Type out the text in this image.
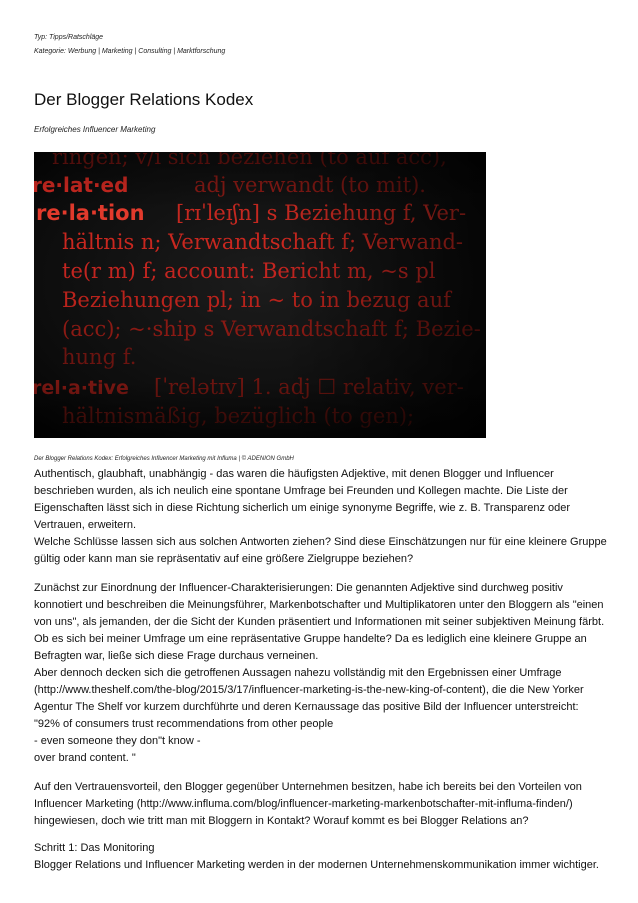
Typ: Tipps/Ratschläge
Kategorie: Werbung | Marketing | Consulting | Marktforschung
Der Blogger Relations Kodex
Erfolgreiches Influencer Marketing
Der Blogger Relations Kodex: Erfolgreiches Influencer Marketing mit Influma | © ADENION GmbH

Authentisch, glaubhaft, unabhängig - das waren die häufigsten Adjektive, mit denen Blogger und Influencer beschrieben wurden, als ich neulich eine spontane Umfrage bei Freunden und Kollegen machte. Die Liste der Eigenschaften lässt sich in diese Richtung sicherlich um einige synonyme Begriffe, wie z. B. Transparenz oder Vertrauen, erweitern.

Welche Schlüsse lassen sich aus solchen Antworten ziehen? Sind diese Einschätzungen nur für eine kleinere Gruppe gültig oder kann man sie repräsentativ auf eine größere Zielgruppe beziehen?

Zunächst zur Einordnung der Influencer-Charakterisierungen: Die genannten Adjektive sind durchweg positiv konnotiert und beschreiben die Meinungsführer, Markenbotschafter und Multiplikatoren unter den Bloggern als "einen von uns", als jemanden, der die Sicht der Kunden präsentiert und Informationen mit seiner subjektiven Meinung färbt.

Ob es sich bei meiner Umfrage um eine repräsentative Gruppe handelte? Da es lediglich eine kleinere Gruppe an Befragten war, ließe sich diese Frage durchaus verneinen.

Aber dennoch decken sich die getroffenen Aussagen nahezu vollständig mit den Ergebnissen einer Umfrage (http://www.theshelf.com/the-blog/2015/3/17/influencer-marketing-is-the-new-king-of-content), die die New Yorker Agentur The Shelf vor kurzem durchführte und deren Kernaussage das positive Bild der Influencer unterstreicht:

"92% of consumers trust recommendations from other people

- even someone they don"t know -

over brand content. "

Auf den Vertrauensvorteil, den Blogger gegenüber Unternehmen besitzen, habe ich bereits bei den Vorteilen von Influencer Marketing (http://www.influma.com/blog/influencer-marketing-markenbotschafter-mit-influma-finden/) hingewiesen, doch wie tritt man mit Bloggern in Kontakt? Worauf kommt es bei Blogger Relations an?

Schritt 1: Das Monitoring

Blogger Relations und Influencer Marketing werden in der modernen Unternehmenskommunikation immer wichtiger.
